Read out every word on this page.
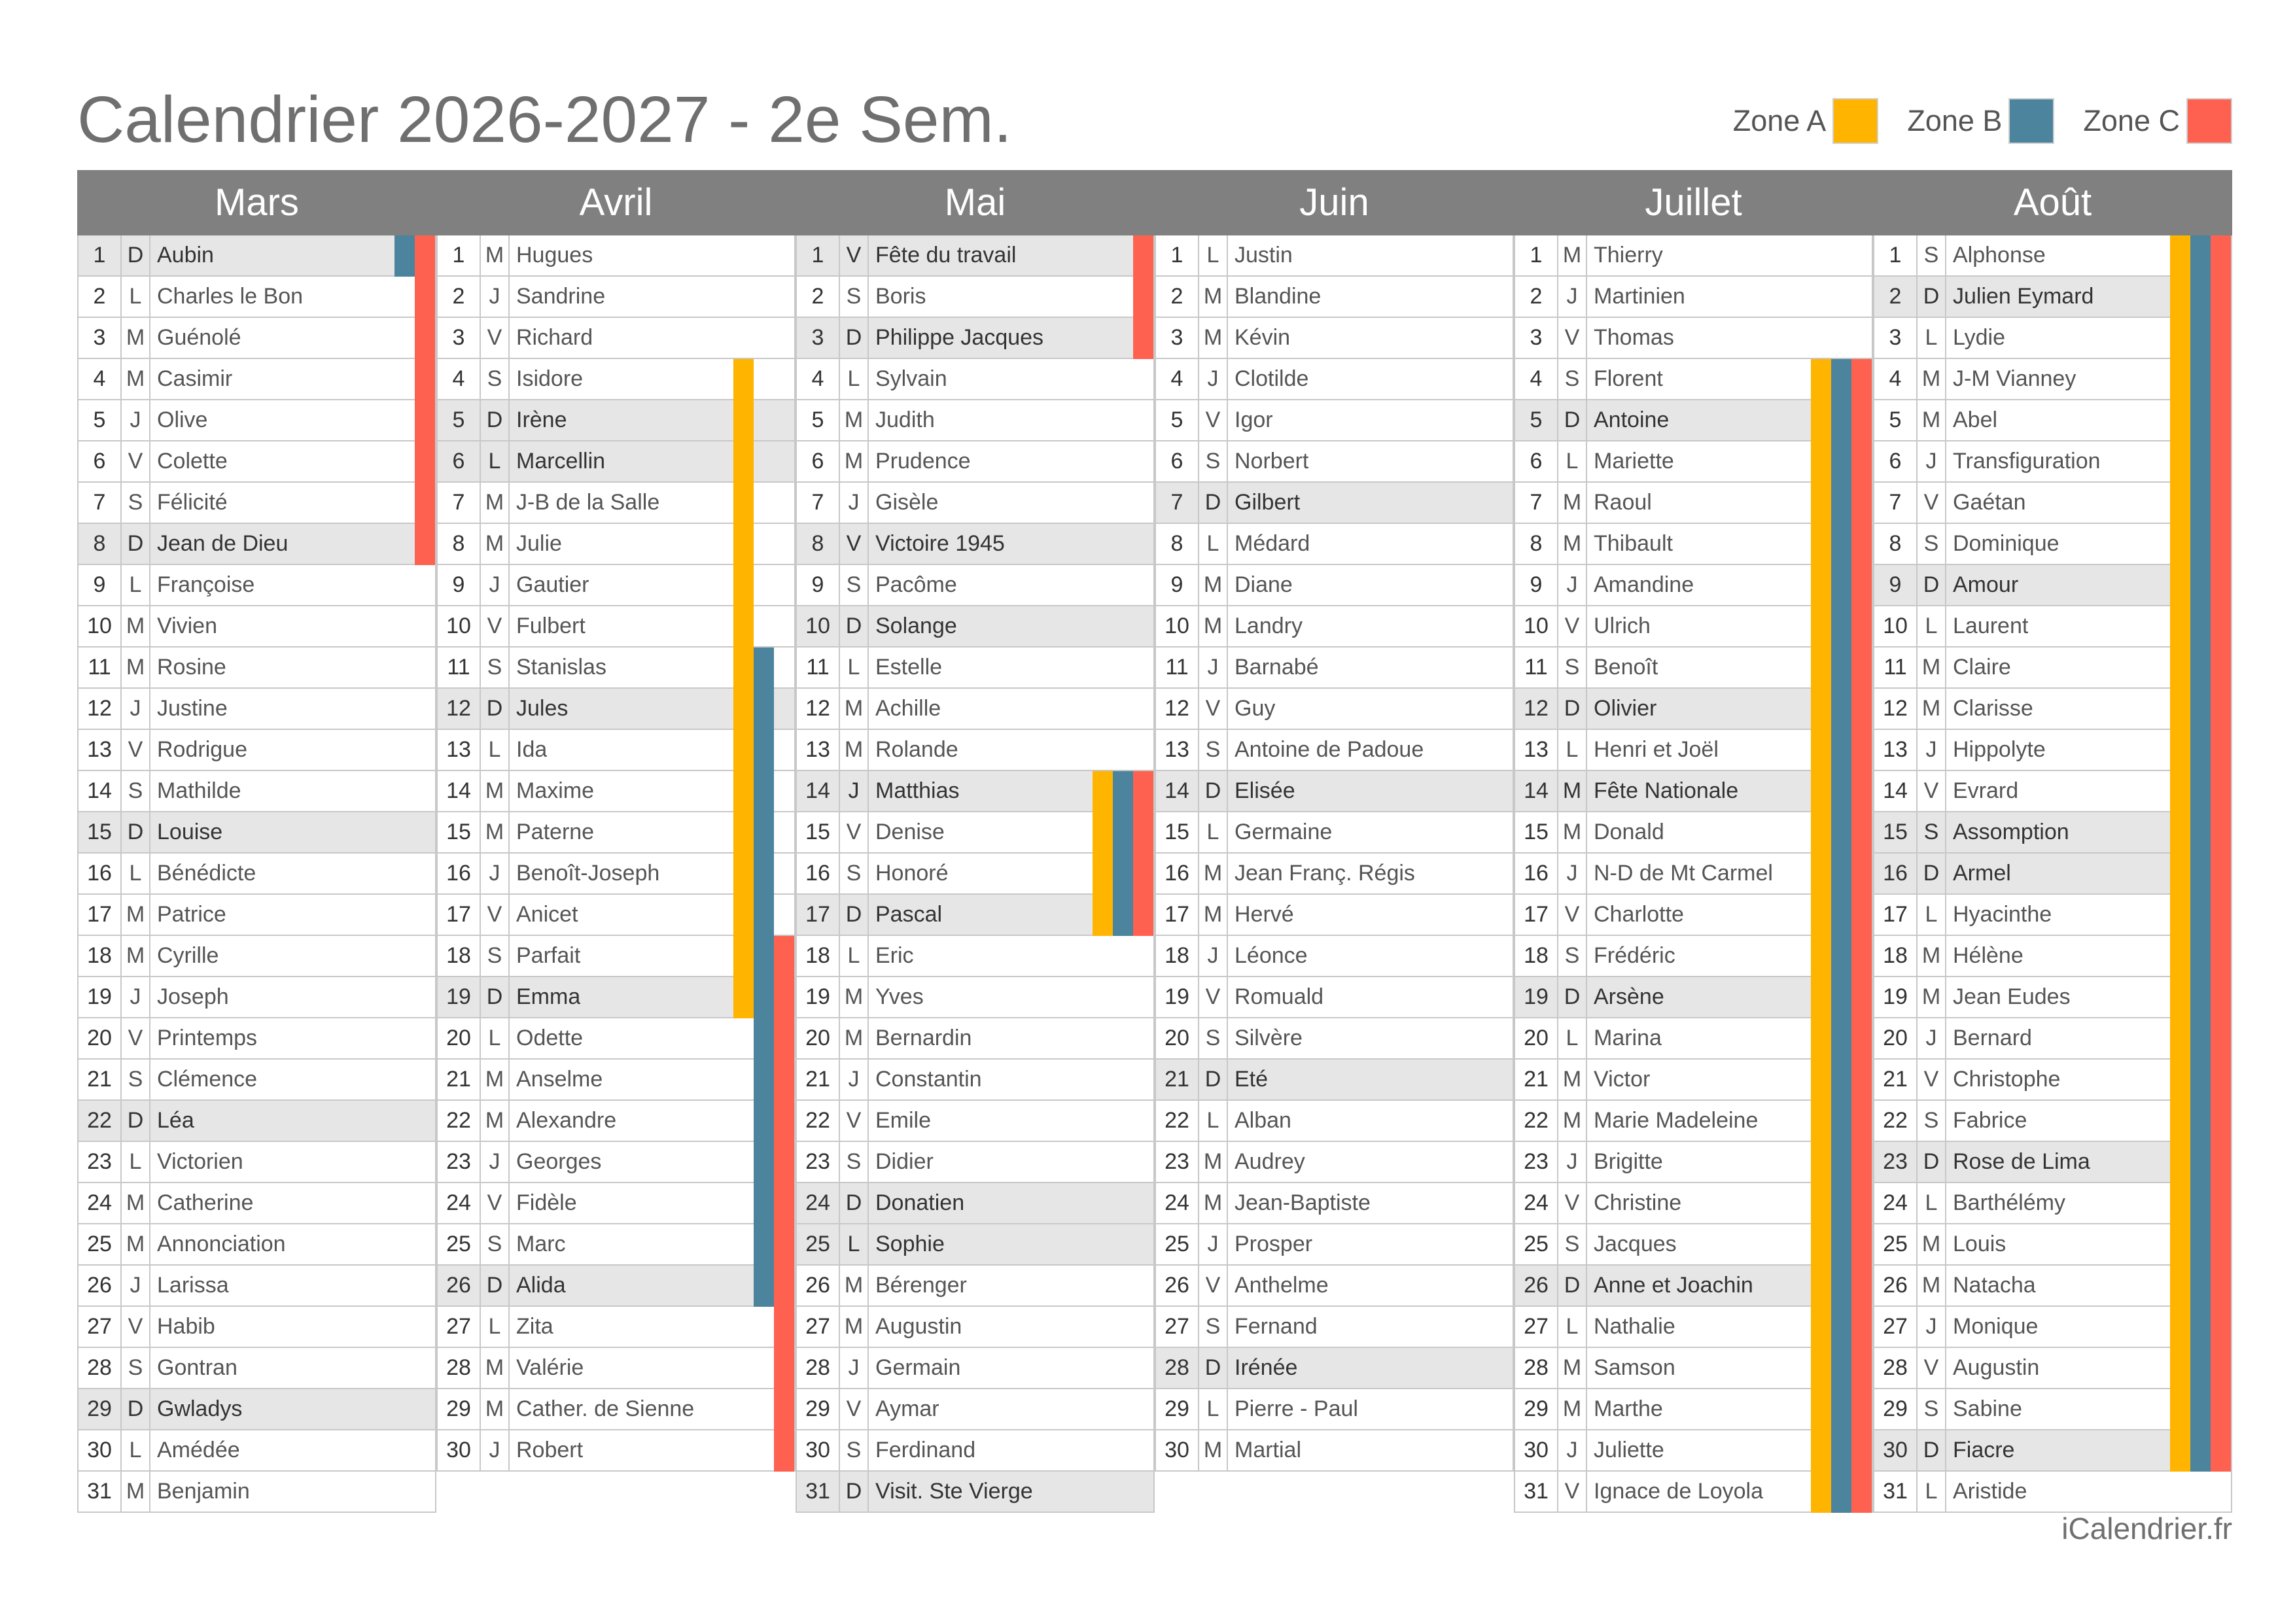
Calendrier 2026-2027 - 2e Sem.	Zone A	Zone B	Zone C
Mars
1 D Aubin
2	L Charles le Bon
3 M Guénolé
4 M Casimir
5	J Olive
6	V Colette
7	S Félicité
8 D Jean de Dieu
9	L Françoise
10 M Vivien
11 M Rosine
12 J Justine
13 V Rodrigue
14 S Mathilde
15 D Louise
16 L Bénédicte
17 M Patrice
18 M Cyrille
19 J Joseph
20 V Printemps
21 S Clémence
22 D Léa
23 L Victorien
24 M Catherine
25 M Annonciation
26 J Larissa
27 V Habib
28 S Gontran
29 D Gwladys
30 L Amédée
31 M Benjamin
Avril
1 M Hugues
2	J Sandrine
3	V Richard
4	S Isidore
5 D Irène
6	L Marcellin
7 M J-B de la Salle
8 M Julie
9	J Gautier
10 V Fulbert
11 S Stanislas
12 D Jules
13 L Ida
14 M Maxime
15 M Paterne
16 J Benoît-Joseph
17 V Anicet
18 S Parfait
19 D Emma
20 L Odette
21 M Anselme
22 M Alexandre
23 J Georges
24 V Fidèle
25 S Marc
26 D Alida
27 L Zita
28 M Valérie
29 M Cather. de Sienne
30 J Robert
Mai
1	V Fête du travail
2	S Boris
3 D Philippe Jacques
4	L Sylvain
5 M Judith
6 M Prudence
7	J Gisèle
8	V Victoire 1945
9	S Pacôme
10 D Solange
11 L Estelle
12 M Achille
13 M Rolande
14 J Matthias
15 V Denise
16 S Honoré
17 D Pascal
18 L Eric
19 M Yves
20 M Bernardin
21 J Constantin
22 V Emile
23 S Didier
24 D Donatien
25 L Sophie
26 M Bérenger
27 M Augustin
28 J Germain
29 V Aymar
30 S Ferdinand
31 D Visit. Ste Vierge
Juin
1	L Justin
2 M Blandine
3 M Kévin
4	J Clotilde
5	V Igor
6	S Norbert
7 D Gilbert
8	L Médard
9 M Diane
10 M Landry
11 J Barnabé
12 V Guy
13 S Antoine de Padoue
14 D Elisée
15 L Germaine
16 M Jean Franç. Régis
17 M Hervé
18 J Léonce
19 V Romuald
20 S Silvère
21 D Eté
22 L Alban
23 M Audrey
24 M Jean-Baptiste
25 J Prosper
26 V Anthelme
27 S Fernand
28 D Irénée
29 L Pierre - Paul
30 M Martial
Juillet
1 M Thierry
2	J Martinien
3	V Thomas
4	S Florent
5 D Antoine
6	L Mariette
7 M Raoul
8 M Thibault
9	J Amandine
10 V Ulrich
11 S Benoît
12 D Olivier
13 L Henri et Joël
14 M Fête Nationale
15 M Donald
16 J N-D de Mt Carmel
17 V Charlotte
18 S Frédéric
19 D Arsène
20 L Marina
21 M Victor
22 M Marie Madeleine
23 J Brigitte
24 V Christine
25 S Jacques
26 D Anne et Joachin
27 L Nathalie
28 M Samson
29 M Marthe
30 J Juliette
31 V Ignace de Loyola
Août
1	S Alphonse
2 D Julien Eymard
3	L Lydie
4 M J-M Vianney
5 M Abel
6	J Transfiguration
7	V Gaétan
8	S Dominique
9 D Amour
10 L Laurent
11 M Claire
12 M Clarisse
13 J Hippolyte
14 V Evrard
15 S Assomption
16 D Armel
17 L Hyacinthe
18 M Hélène
19 M Jean Eudes
20 J Bernard
21 V Christophe
22 S Fabrice
23 D Rose de Lima
24 L Barthélémy
25 M Louis
26 M Natacha
27 J Monique
28 V Augustin
29 S Sabine
30 D Fiacre
31 L Aristide
iCalendrier.fr
